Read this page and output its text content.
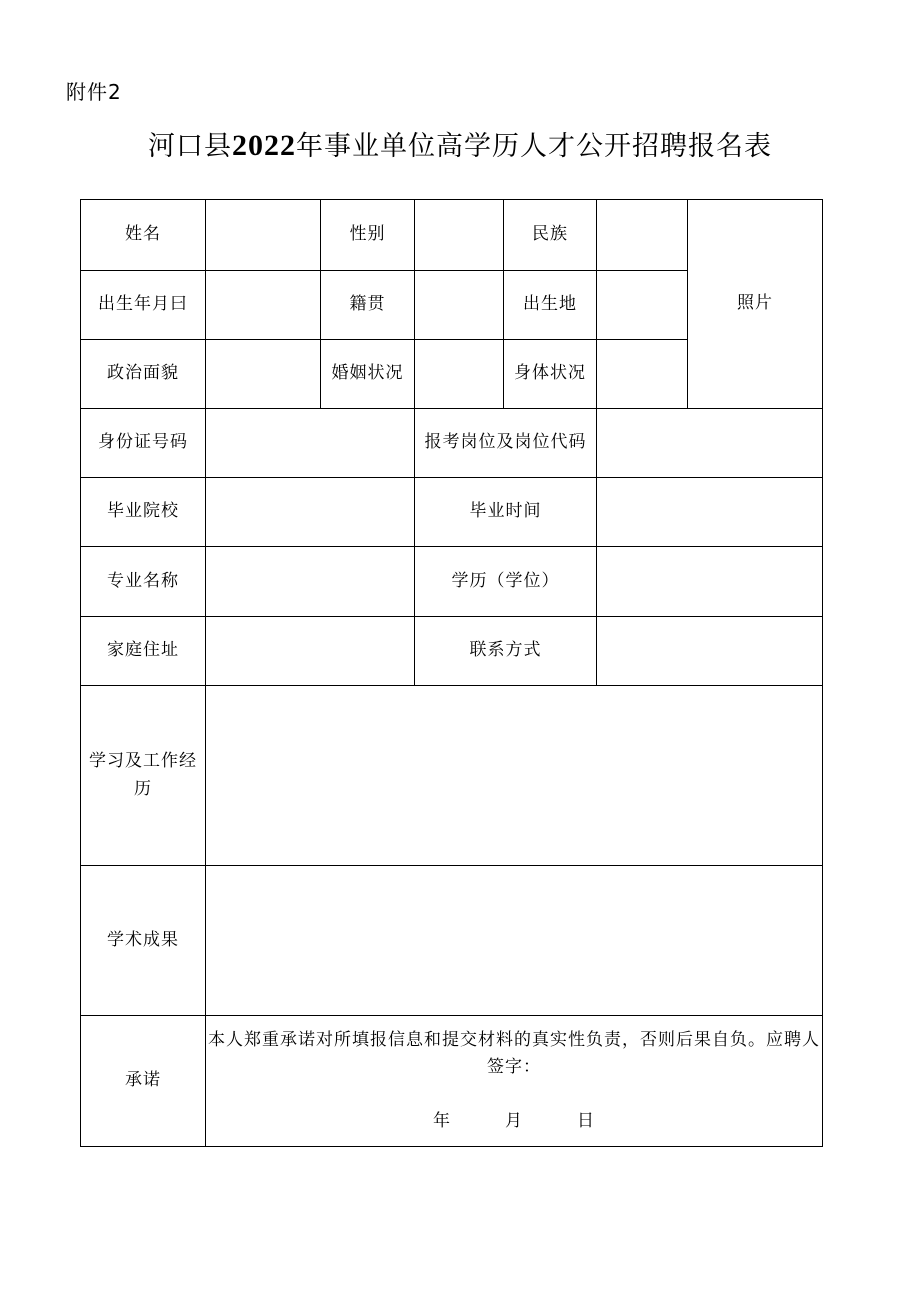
附件2
河口县2022年事业单位高学历人才公开招聘报名表
姓名		性别		民族		照片
出生年月曰		籍贯		出生地		
政治面貌		婚姻状况		身体状况		
身份证号码			报考岗位及岗位代码			
毕业院校			毕业时间			
专业名称			学历（学位）			
家庭住址			联系方式			
学习及工作经历						
学术成果						
承诺	本人郑重承诺对所填报信息和提交材料的真实性负责，否则后果自负。应聘人签字：
年 月 日					
